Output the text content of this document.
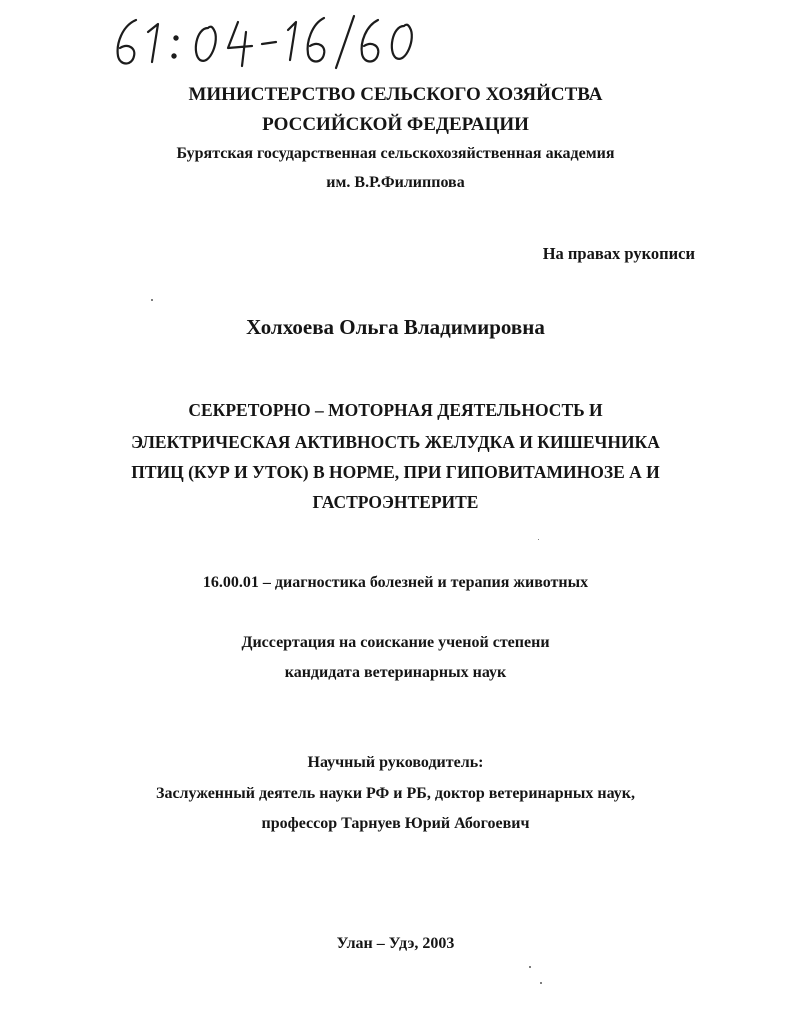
МИНИСТЕРСТВО СЕЛЬСКОГО ХОЗЯЙСТВА
РОССИЙСКОЙ ФЕДЕРАЦИИ
Бурятская государственная сельскохозяйственная академия
им. В.Р.Филиппова
На правах рукописи
Холхоева Ольга Владимировна
СЕКРЕТОРНО – МОТОРНАЯ ДЕЯТЕЛЬНОСТЬ И
ЭЛЕКТРИЧЕСКАЯ АКТИВНОСТЬ ЖЕЛУДКА И КИШЕЧНИКА
ПТИЦ (КУР И УТОК) В НОРМЕ, ПРИ ГИПОВИТАМИНОЗЕ А И
ГАСТРОЭНТЕРИТЕ
16.00.01 – диагностика болезней и терапия животных
Диссертация на соискание ученой степени
кандидата ветеринарных наук
Научный руководитель:
Заслуженный деятель науки РФ и РБ, доктор ветеринарных наук,
профессор Тарнуев Юрий Абогоевич
Улан – Удэ, 2003
